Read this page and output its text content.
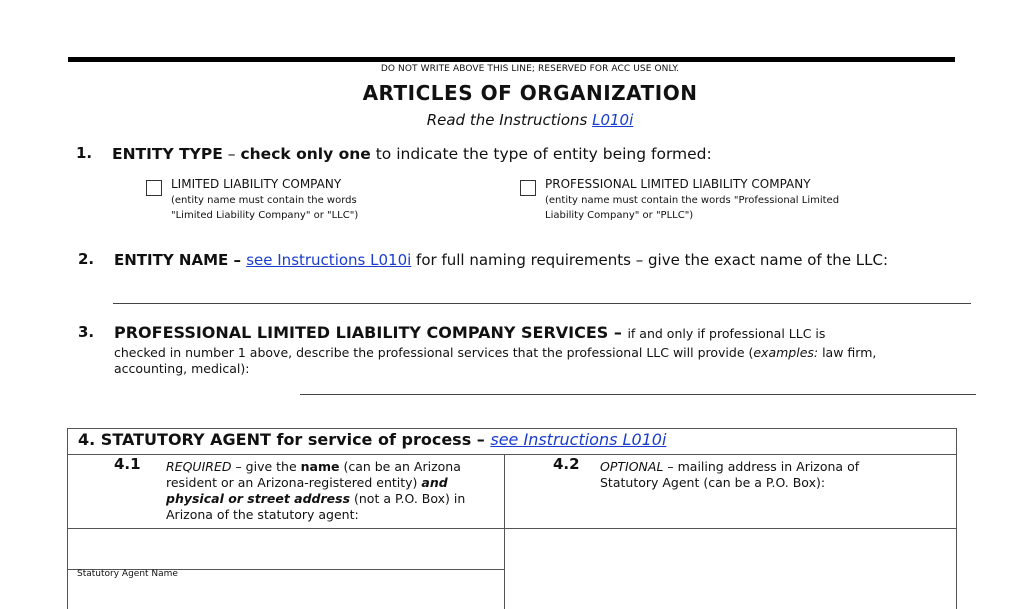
DO NOT WRITE ABOVE THIS LINE; RESERVED FOR ACC USE ONLY.
ARTICLES OF ORGANIZATION
Read the Instructions L010i
1. ENTITY TYPE – check only one to indicate the type of entity being formed:
LIMITED LIABILITY COMPANY
(entity name must contain the words "Limited Liability Company" or "LLC")
PROFESSIONAL LIMITED LIABILITY COMPANY
(entity name must contain the words "Professional Limited Liability Company" or "PLLC")
2. ENTITY NAME – see Instructions L010i for full naming requirements – give the exact name of the LLC:
3. PROFESSIONAL LIMITED LIABILITY COMPANY SERVICES – if and only if professional LLC is
checked in number 1 above, describe the professional services that the professional LLC will provide (examples: law firm, accounting, medical):
4. STATUTORY AGENT for service of process – see Instructions L010i
4.1 REQUIRED – give the name (can be an Arizona resident or an Arizona-registered entity) and physical or street address (not a P.O. Box) in Arizona of the statutory agent:
4.2 OPTIONAL – mailing address in Arizona of Statutory Agent (can be a P.O. Box):
Statutory Agent Name
